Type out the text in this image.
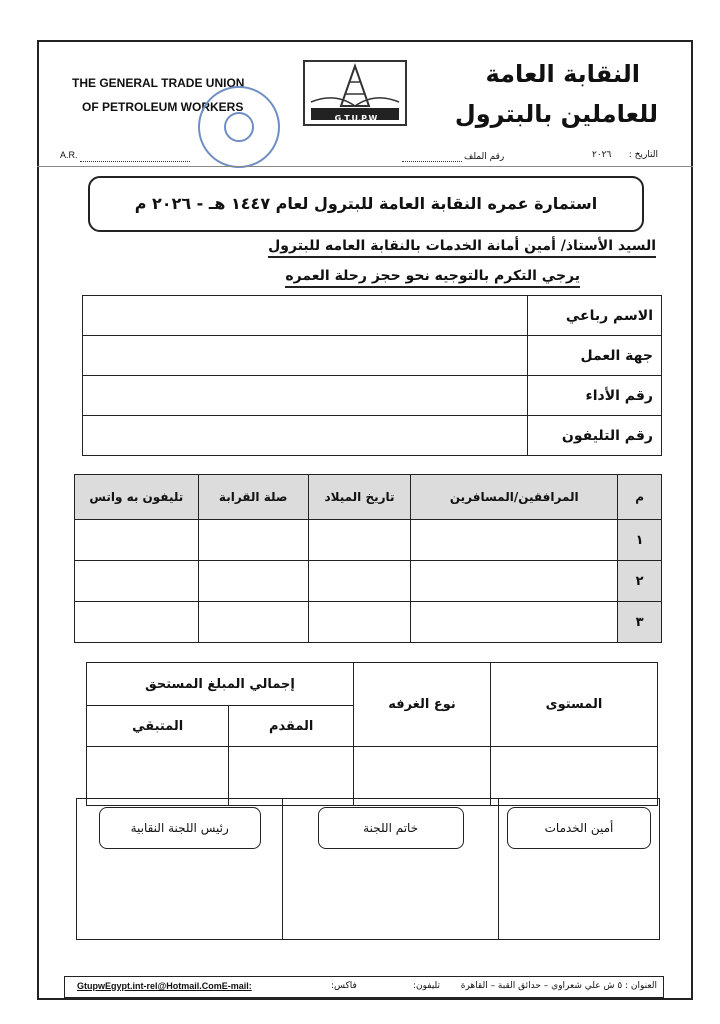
THE GENERAL TRADE UNION
OF PETROLEUM WORKERS
G.T.U.P.W
النقابة العامة
للعاملين بالبترول
التاريخ :
٢٠٢٦
رقم الملف
A.R.
استمارة عمره النقابة العامة للبترول لعام ١٤٤٧ هـ - ٢٠٢٦ م
السيد الأستاذ/ أمين أمانة الخدمات بالنقابة العامه للبترول
يرجي التكرم بالتوجيه نحو حجز رحلة العمره
	الاسم رباعي
	جهة العمل
	رقم الأداء
	رقم التليفون
تليفون به واتس	صلة القرابة	تاريخ الميلاد	المرافقين/المسافرين	م
				١
				٢
				٣
إجمالي المبلغ المستحق		نوع الغرفه	المستوى
المتبقي	المقدم		

رئيس اللجنة النقابية	خاتم اللجنة	أمين الخدمات
GtupwEgypt.int-rel@Hotmail.ComE-mail:	فاكس:	تليفون: العنوان : ٥ ش علي شعراوي – حدائق القبة – القاهرة
